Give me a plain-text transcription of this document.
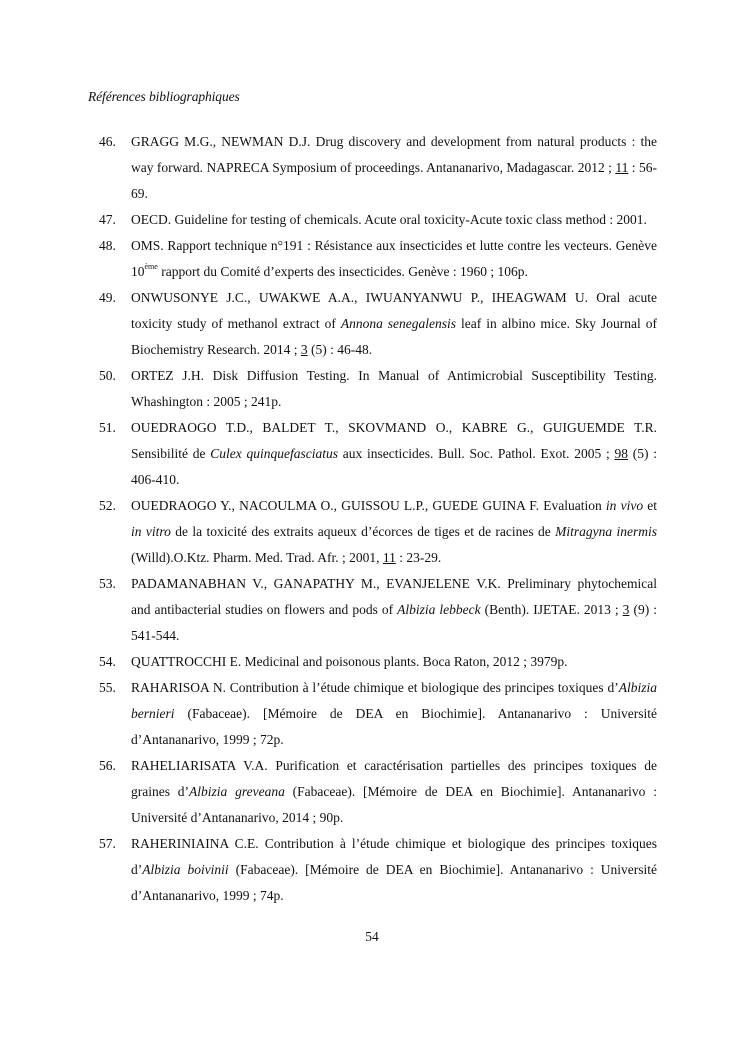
Références bibliographiques
46. GRAGG M.G., NEWMAN D.J. Drug discovery and development from natural products : the way forward. NAPRECA Symposium of proceedings. Antananarivo, Madagascar. 2012 ; 11 : 56-69.
47. OECD. Guideline for testing of chemicals. Acute oral toxicity-Acute toxic class method : 2001.
48. OMS. Rapport technique n°191 : Résistance aux insecticides et lutte contre les vecteurs. Genève 10ème rapport du Comité d’experts des insecticides. Genève : 1960 ; 106p.
49. ONWUSONYE J.C., UWAKWE A.A., IWUANYANWU P., IHEAGWAM U. Oral acute toxicity study of methanol extract of Annona senegalensis leaf in albino mice. Sky Journal of Biochemistry Research. 2014 ; 3 (5) : 46-48.
50. ORTEZ J.H. Disk Diffusion Testing. In Manual of Antimicrobial Susceptibility Testing. Whashington : 2005 ; 241p.
51. OUEDRAOGO T.D., BALDET T., SKOVMAND O., KABRE G., GUIGUEMDE T.R. Sensibilité de Culex quinquefasciatus aux insecticides. Bull. Soc. Pathol. Exot. 2005 ; 98 (5) : 406-410.
52. OUEDRAOGO Y., NACOULMA O., GUISSOU L.P., GUEDE GUINA F. Evaluation in vivo et in vitro de la toxicité des extraits aqueux d’écorces de tiges et de racines de Mitragyna inermis (Willd).O.Ktz. Pharm. Med. Trad. Afr. ; 2001, 11 : 23-29.
53. PADAMANABHAN V., GANAPATHY M., EVANJELENE V.K. Preliminary phytochemical and antibacterial studies on flowers and pods of Albizia lebbeck (Benth). IJETAE. 2013 ; 3 (9) : 541-544.
54. QUATTROCCHI E. Medicinal and poisonous plants. Boca Raton, 2012 ; 3979p.
55. RAHARISOA N. Contribution à l’étude chimique et biologique des principes toxiques d’Albizia bernieri (Fabaceae). [Mémoire de DEA en Biochimie]. Antananarivo : Université d’Antananarivo, 1999 ; 72p.
56. RAHELIARISATA V.A. Purification et caractérisation partielles des principes toxiques de graines d’Albizia greveana (Fabaceae). [Mémoire de DEA en Biochimie]. Antananarivo : Université d’Antananarivo, 2014 ; 90p.
57. RAHERINIAINA C.E. Contribution à l’étude chimique et biologique des principes toxiques d’Albizia boivinii (Fabaceae). [Mémoire de DEA en Biochimie]. Antananarivo : Université d’Antananarivo, 1999 ; 74p.
54
